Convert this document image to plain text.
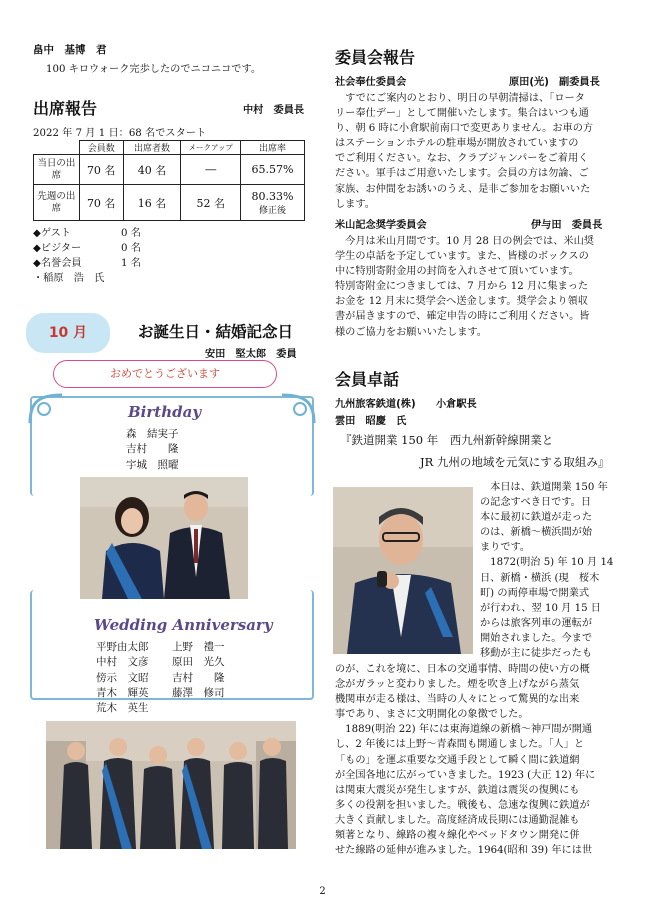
畠中　基博　君
100 キロウォーク完歩したのでニコニコです。
出席報告	中村　委員長
2022 年 7 月 1 日：68 名でスタート
	会員数	出席者数	メークアップ	出席率
当日の出席	70 名	40 名	―	65.57%
先週の出席	70 名	16 名	52 名	80.33%
修正後
◆ゲスト	0 名
◆ビジター	0 名
◆名誉会員	1 名
・稲原　浩　氏
10 月	お誕生日・結婚記念日
安田　堅太郎　委員
おめでとうございます
Birthday
森　結実子
吉村　　隆
宇城　照曜
Wedding Anniversary
平野由太郎 上野　禮一
中村　文彦 原田　光久
傍示　文昭 吉村　　隆
青木　輝英 藤澤　修司
荒木　英生
委員会報告
社会奉仕委員会	原田(光)　副委員長
　すでにご案内のとおり、明日の早朝清掃は、「ロータ
リー奉仕デー」として開催いたします。集合はいつも通
り、朝 6 時に小倉駅前南口で変更ありません。お車の方
はステーションホテルの駐車場が開放されていますの
でご利用ください。なお、クラブジャンパーをご着用く
ださい。軍手はご用意いたします。会員の方は勿論、ご
家族、お仲間をお誘いのうえ、是非ご参加をお願いいた
します。
米山記念奨学委員会	伊与田　委員長
　今月は米山月間です。10 月 28 日の例会では、米山奨
学生の卓話を予定しています。また、皆様のボックスの
中に特別寄附金用の封筒を入れさせて頂いています。
特別寄附金につきましては、7 月から 12 月に集まった
お金を 12 月末に奨学会へ送金します。奨学会より領収
書が届きますので、確定申告の時にご利用ください。皆
様のご協力をお願いいたします。
会員卓話
九州旅客鉄道(株)　　小倉駅長
雲田　昭慶　氏
『鉄道開業 150 年　西九州新幹線開業と
JR 九州の地域を元気にする取組み』
　本日は、鉄道開業 150 年
の記念すべき日です。日
本に最初に鉄道が走った
のは、新橋～横浜間が始
まりです。
　1872(明治 5) 年 10 月 14
日、新橋・横浜 (現　桜木
町) の両停車場で開業式
が行われ、翌 10 月 15 日
からは旅客列車の運転が
開始されました。今まで
移動が主に徒歩だったも
のが、これを境に、日本の交通事情、時間の使い方の概
念がガラッと変わりました。煙を吹き上げながら蒸気
機関車が走る様は、当時の人々にとって驚異的な出来
事であり、まさに文明開化の象徴でした。
　1889(明治 22) 年には東海道線の新橋～神戸間が開通
し、2 年後には上野～青森間も開通しました。「人」と
「もの」を運ぶ重要な交通手段として瞬く間に鉄道網
が全国各地に広がっていきました。1923 (大正 12) 年に
は関東大震災が発生しますが、鉄道は震災の復興にも
多くの役割を担いました。戦後も、急速な復興に鉄道が
大きく貢献しました。高度経済成長期には通勤混雑も
頻著となり、線路の複々線化やベッドタウン開発に併
せた線路の延伸が進みました。1964(昭和 39) 年には世
2
